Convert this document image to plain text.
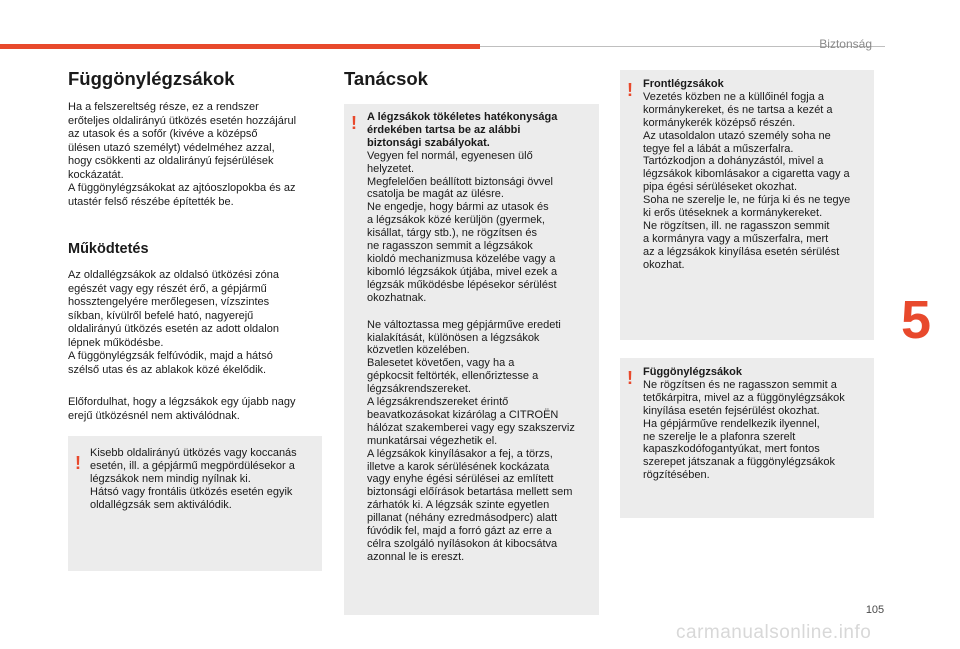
Biztonság
Függönylégzsákok

Ha a felszereltség része, ez a rendszer
erőteljes oldalirányú ütközés esetén hozzájárul
az utasok és a sofőr (kivéve a középső
ülésen utazó személyt) védelméhez azzal,
hogy csökkenti az oldalirányú fejsérülések
kockázatát.
A függönylégzsákokat az ajtóoszlopokba és az
utastér felső részébe építették be.

Működtetés

Az oldallégzsákok az oldalsó ütközési zóna
egészét vagy egy részét érő, a gépjármű
hossztengelyére merőlegesen, vízszintes
síkban, kívülről befelé ható, nagyerejű
oldalirányú ütközés esetén az adott oldalon
lépnek működésbe.
A függönylégzsák felfúvódik, majd a hátsó
szélső utas és az ablakok közé ékelődik.

Előfordulhat, hogy a légzsákok egy újabb nagy
erejű ütközésnél nem aktiválódnak.

! Kisebb oldalirányú ütközés vagy koccanás
esetén, ill. a gépjármű megpördülésekor a
légzsákok nem mindig nyílnak ki.
Hátsó vagy frontális ütközés esetén egyik
oldallégzsák sem aktiválódik.

Tanácsok
! A légzsákok tökéletes hatékonysága
érdekében tartsa be az alábbi
biztonsági szabályokat.

Vegyen fel normál, egyenesen ülő
helyzetet.
Megfelelően beállított biztonsági övvel
csatolja be magát az ülésre.
Ne engedje, hogy bármi az utasok és
a légzsákok közé kerüljön (gyermek,
kisállat, tárgy stb.), ne rögzítsen és
ne ragasszon semmit a légzsákok
kioldó mechanizmusa közelébe vagy a
kibomló légzsákok útjába, mivel ezek a
légzsák működésbe lépésekor sérülést
okozhatnak.

Ne változtassa meg gépjárműve eredeti
kialakítását, különösen a légzsákok
közvetlen közelében.
Balesetet követően, vagy ha a
gépkocsit feltörték, ellenőriztesse a
légzsákrendszereket.
A légzsákrendszereket érintő
beavatkozásokat kizárólag a CITROËN
hálózat szakemberei vagy egy szakszerviz
munkatársai végezhetik el.
A légzsákok kinyílásakor a fej, a törzs,
illetve a karok sérülésének kockázata
vagy enyhe égési sérülései az említett
biztonsági előírások betartása mellett sem
zárhatók ki. A légzsák szinte egyetlen
pillanat (néhány ezredmásodperc) alatt
fúvódik fel, majd a forró gázt az erre a
célra szolgáló nyílásokon át kibocsátva
azonnal le is ereszt.

! Frontlégzsákok

Vezetés közben ne a küllőinél fogja a
kormánykereket, és ne tartsa a kezét a
kormánykerék középső részén.
Az utasoldalon utazó személy soha ne
tegye fel a lábát a műszerfalra.
Tartózkodjon a dohányzástól, mivel a
légzsákok kibomlásakor a cigaretta vagy a
pipa égési sérüléseket okozhat.
Soha ne szerelje le, ne fúrja ki és ne tegye
ki erős ütéseknek a kormánykereket.
Ne rögzítsen, ill. ne ragasszon semmit
a kormányra vagy a műszerfalra, mert
az a légzsákok kinyílása esetén sérülést
okozhat.

! Függönylégzsákok

Ne rögzítsen és ne ragasszon semmit a
tetőkárpitra, mivel az a függönylégzsákok
kinyílása esetén fejsérülést okozhat.
Ha gépjárműve rendelkezik ilyennel,
ne szerelje le a plafonra szerelt
kapaszkodófogantyúkat, mert fontos
szerepet játszanak a függönylégzsákok
rögzítésében.

5
105
carmanualsonline.info
